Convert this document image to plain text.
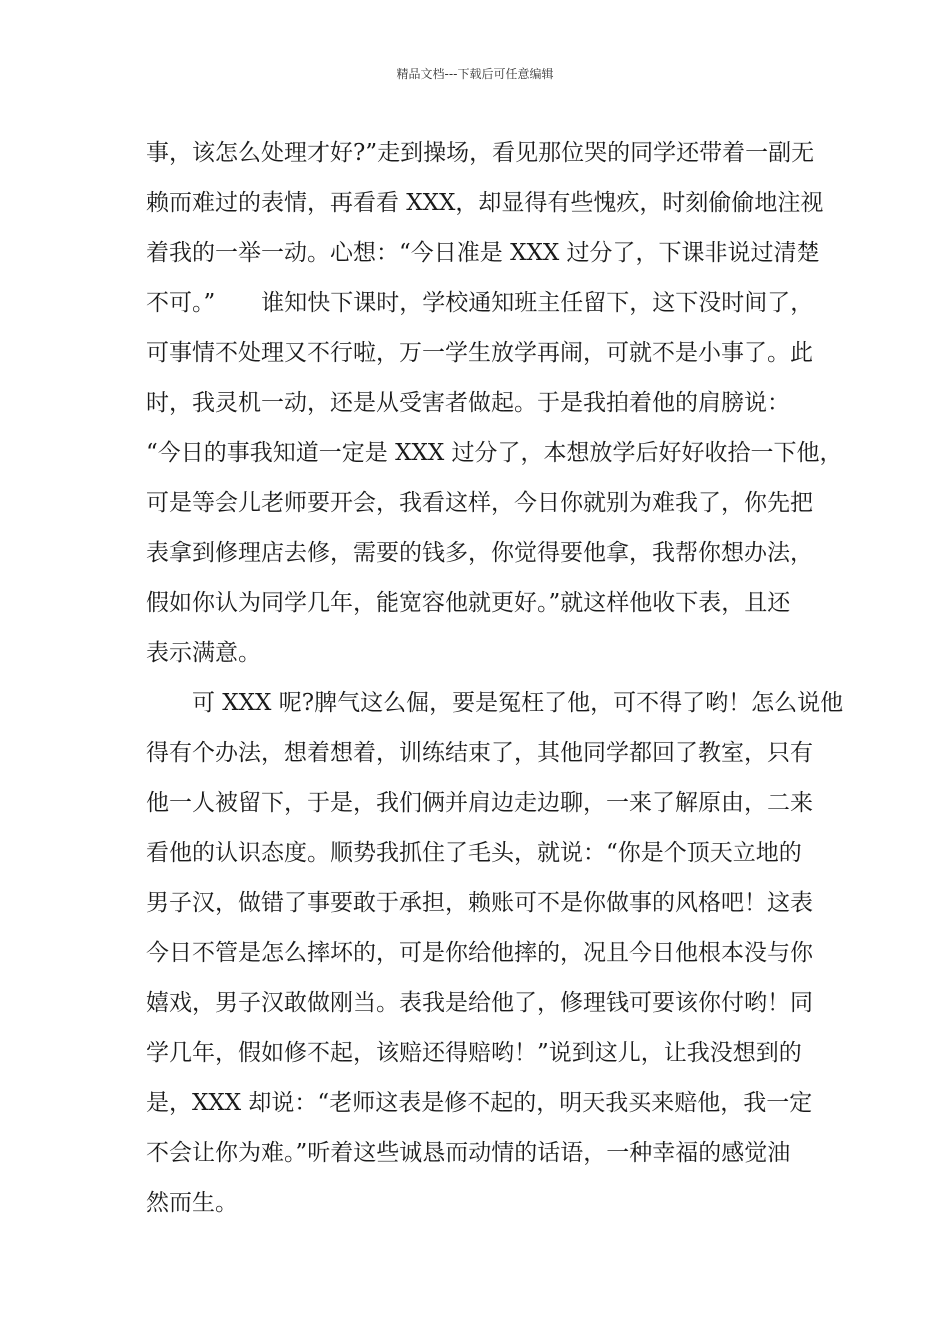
精品文档---下载后可任意编辑
事，该怎么处理才好?”走到操场，看见那位哭的同学还带着一副无
赖而难过的表情，再看看 XXX，却显得有些愧疚，时刻偷偷地注视
着我的一举一动。心想：“今日准是 XXX 过分了，下课非说过清楚
不可。”　　谁知快下课时，学校通知班主任留下，这下没时间了，
可事情不处理又不行啦，万一学生放学再闹，可就不是小事了。此
时，我灵机一动，还是从受害者做起。于是我拍着他的肩膀说：
“今日的事我知道一定是 XXX 过分了，本想放学后好好收拾一下他，
可是等会儿老师要开会，我看这样，今日你就别为难我了，你先把
表拿到修理店去修，需要的钱多，你觉得要他拿，我帮你想办法，
假如你认为同学几年，能宽容他就更好。”就这样他收下表，且还
表示满意。
　　可 XXX 呢?脾气这么倔，要是冤枉了他，可不得了哟！怎么说他
得有个办法，想着想着，训练结束了，其他同学都回了教室，只有
他一人被留下，于是，我们俩并肩边走边聊，一来了解原由，二来
看他的认识态度。顺势我抓住了毛头，就说：“你是个顶天立地的
男子汉，做错了事要敢于承担，赖账可不是你做事的风格吧！这表
今日不管是怎么摔坏的，可是你给他摔的，况且今日他根本没与你
嬉戏，男子汉敢做刚当。表我是给他了，修理钱可要该你付哟！同
学几年，假如修不起，该赔还得赔哟！”说到这儿，让我没想到的
是，XXX 却说：“老师这表是修不起的，明天我买来赔他，我一定
不会让你为难。”听着这些诚恳而动情的话语，一种幸福的感觉油
然而生。
